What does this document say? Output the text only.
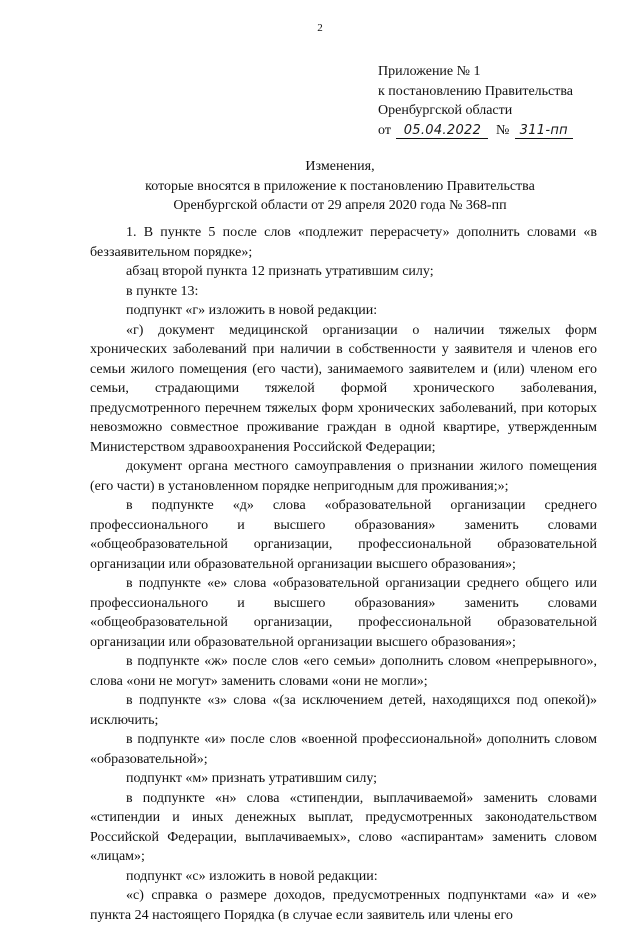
2
Приложение № 1
к постановлению Правительства
Оренбургской области
от 05.04.2022 № 311-пп
Изменения,
которые вносятся в приложение к постановлению Правительства
Оренбургской области от 29 апреля 2020 года № 368-пп

1. В пункте 5 после слов «подлежит перерасчету» дополнить словами «в беззаявительном порядке»;

абзац второй пункта 12 признать утратившим силу;

в пункте 13:

подпункт «г» изложить в новой редакции:

«г) документ медицинской организации о наличии тяжелых форм хронических заболеваний при наличии в собственности у заявителя и членов его семьи жилого помещения (его части), занимаемого заявителем и (или) членом его семьи, страдающими тяжелой формой хронического заболевания, предусмотренного перечнем тяжелых форм хронических заболеваний, при которых невозможно совместное проживание граждан в одной квартире, утвержденным Министерством здравоохранения Российской Федерации;

документ органа местного самоуправления о признании жилого помещения (его части) в установленном порядке непригодным для проживания;»;

в подпункте «д» слова «образовательной организации среднего профессионального и высшего образования» заменить словами «общеобразовательной организации, профессиональной образовательной организации или образовательной организации высшего образования»;

в подпункте «е» слова «образовательной организации среднего общего или профессионального и высшего образования» заменить словами «общеобразовательной организации, профессиональной образовательной организации или образовательной организации высшего образования»;

в подпункте «ж» после слов «его семьи» дополнить словом «непрерывного», слова «они не могут» заменить словами «они не могли»;

в подпункте «з» слова «(за исключением детей, находящихся под опекой)» исключить;

в подпункте «и» после слов «военной профессиональной» дополнить словом «образовательной»;

подпункт «м» признать утратившим силу;

в подпункте «н» слова «стипендии, выплачиваемой» заменить словами «стипендии и иных денежных выплат, предусмотренных законодательством Российской Федерации, выплачиваемых», слово «аспирантам» заменить словом «лицам»;

подпункт «с» изложить в новой редакции:

«с) справка о размере доходов, предусмотренных подпунктами «а» и «е» пункта 24 настоящего Порядка (в случае если заявитель или члены его
